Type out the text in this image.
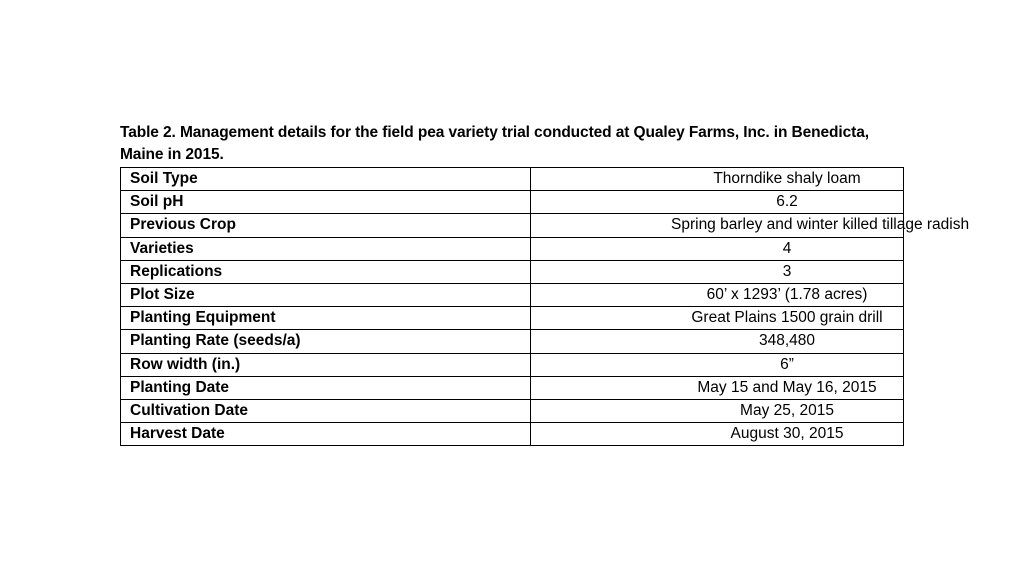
Table 2. Management details for the field pea variety trial conducted at Qualey Farms, Inc. in Benedicta, Maine in 2015.
Soil Type	Thorndike shaly loam
Soil pH	6.2
Previous Crop	Spring barley and winter killed tillage radish
Varieties	4
Replications	3
Plot Size	60’ x 1293’ (1.78 acres)
Planting Equipment	Great Plains 1500 grain drill
Planting Rate (seeds/a)	348,480
Row width (in.)	6”
Planting Date	May 15 and May 16, 2015
Cultivation Date	May 25, 2015
Harvest Date	August 30, 2015
